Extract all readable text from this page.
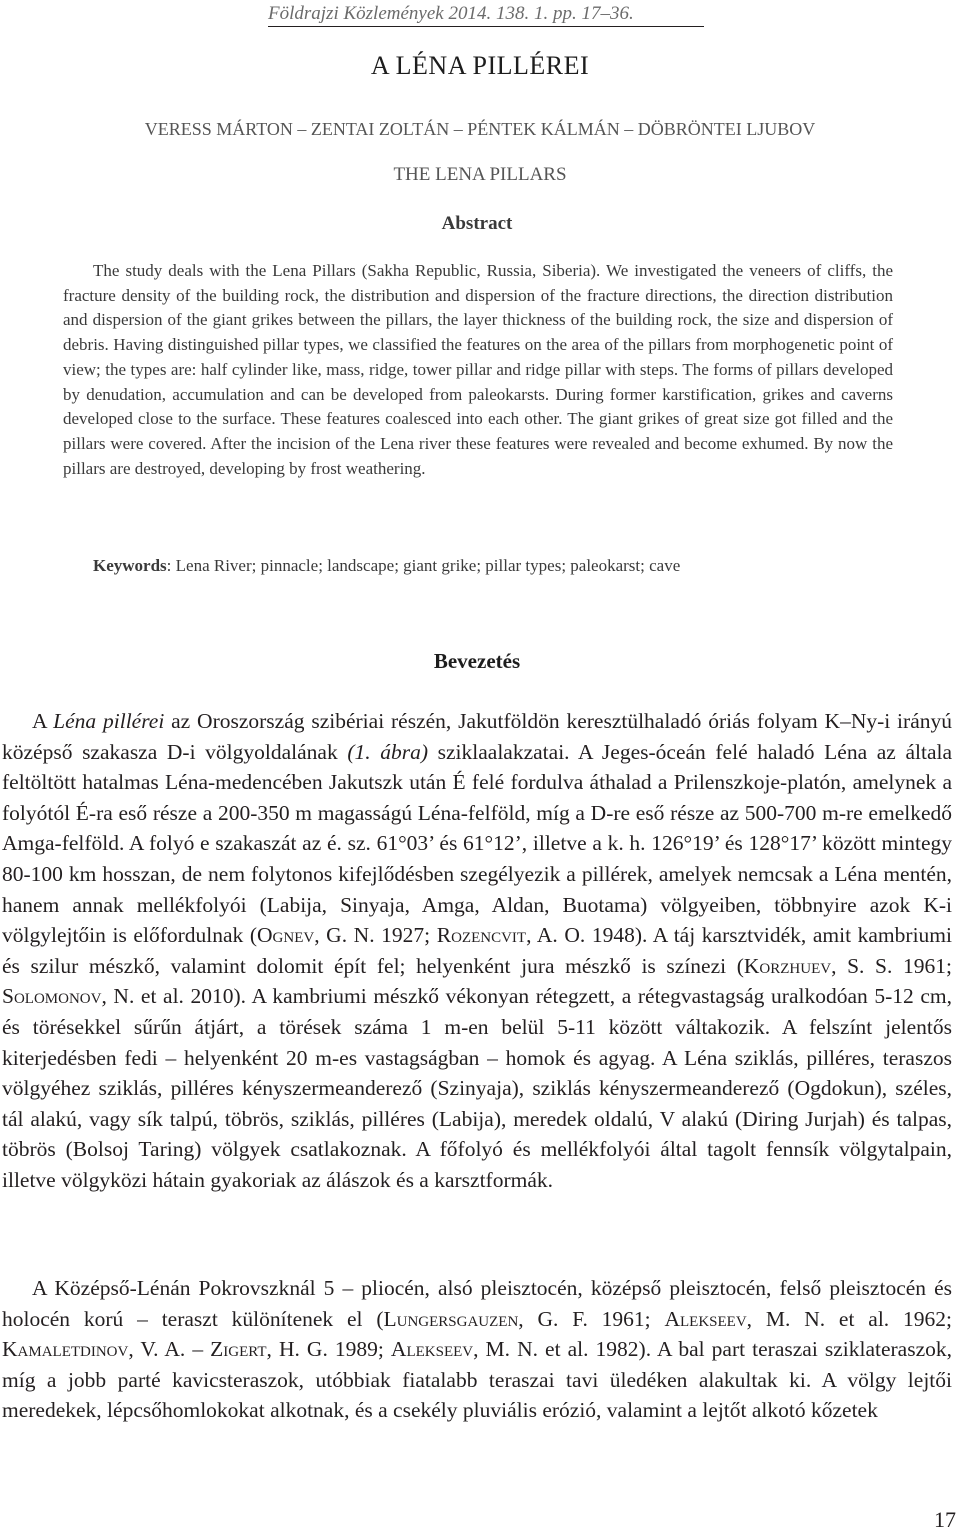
Földrajzi Közlemények 2014. 138. 1. pp. 17–36.
A LÉNA PILLÉREI
VERESS MÁRTON – ZENTAI ZOLTÁN – PÉNTEK KÁLMÁN – DÖBRÖNTEI LJUBOV
THE LENA PILLARS
Abstract

The study deals with the Lena Pillars (Sakha Republic, Russia, Siberia). We investigated the veneers of cliffs, the fracture density of the building rock, the distribution and dispersion of the fracture directions, the direction distribution and dispersion of the giant grikes between the pillars, the layer thickness of the building rock, the size and dispersion of debris. Having distinguished pillar types, we classified the features on the area of the pillars from morphogenetic point of view; the types are: half cylinder like, mass, ridge, tower pillar and ridge pillar with steps. The forms of pillars developed by denudation, accumulation and can be developed from paleokarsts. During former karstification, grikes and caverns developed close to the surface. These features coalesced into each other. The giant grikes of great size got filled and the pillars were covered. After the incision of the Lena river these features were revealed and become exhumed. By now the pillars are destroyed, developing by frost weathering.

Keywords: Lena River; pinnacle; landscape; giant grike; pillar types; paleokarst; cave
Bevezetés

A Léna pillérei az Oroszország szibériai részén, Jakutföldön keresztülhaladó óriás folyam K–Ny-i irányú középső szakasza D-i völgyoldalának (1. ábra) sziklaalakzatai. A Jeges-óceán felé haladó Léna az általa feltöltött hatalmas Léna-medencében Jakutszk után É felé fordulva áthalad a Prilenszkoje-platón, amelynek a folyótól É-ra eső része a 200-350 m magasságú Léna-felföld, míg a D-re eső része az 500-700 m-re emelkedő Amga-felföld. A folyó e szakaszát az é. sz. 61°03’ és 61°12’, illetve a k. h. 126°19’ és 128°17’ között mintegy 80-100 km hosszan, de nem folytonos kifejlődésben szegélyezik a pillérek, amelyek nemcsak a Léna mentén, hanem annak mellékfolyói (Labija, Sinyaja, Amga, Aldan, Buotama) völgyeiben, többnyire azok K-i völgylejtőin is előfordulnak (Ognev, G. N. 1927; Rozencvit, A. O. 1948). A táj karsztvidék, amit kambriumi és szilur mészkő, valamint dolomit épít fel; helyenként jura mészkő is színezi (Korzhuev, S. S. 1961; Solomonov, N. et al. 2010). A kambriumi mészkő vékonyan rétegzett, a rétegvastagság uralkodóan 5-12 cm, és törésekkel sűrűn átjárt, a törések száma 1 m-en belül 5-11 között váltakozik. A felszínt jelentős kiterjedésben fedi – helyenként 20 m-es vastagságban – homok és agyag. A Léna sziklás, pilléres, teraszos völgyéhez sziklás, pilléres kényszermeanderező (Szinyaja), sziklás kényszermeanderező (Ogdokun), széles, tál alakú, vagy sík talpú, töbrös, sziklás, pilléres (Labija), meredek oldalú, V alakú (Diring Jurjah) és talpas, töbrös (Bolsoj Taring) völgyek csatlakoznak. A főfolyó és mellékfolyói által tagolt fennsík völgytalpain, illetve völgyközi hátain gyakoriak az álászok és a karsztformák.

A Középső-Lénán Pokrovszknál 5 – pliocén, alsó pleisztocén, középső pleisztocén, felső pleisztocén és holocén korú – teraszt különítenek el (Lungersgauzen, G. F. 1961; Alekseev, M. N. et al. 1962; Kamaletdinov, V. A. – Zigert, H. G. 1989; Alekseev, M. N. et al. 1982). A bal part teraszai sziklateraszok, míg a jobb parté kavicsteraszok, utóbbiak fiatalabb teraszai tavi üledéken alakultak ki. A völgy lejtői meredekek, lépcsőhomlokokat alkotnak, és a csekély pluviális erózió, valamint a lejtőt alkotó kőzetek

17
